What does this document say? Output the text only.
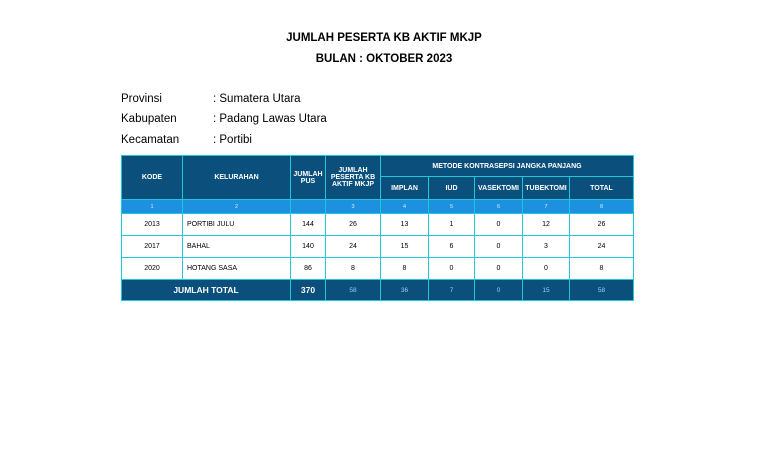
JUMLAH PESERTA KB AKTIF MKJP
BULAN : OKTOBER 2023
Provinsi	: Sumatera Utara
Kabupaten	: Padang Lawas Utara
Kecamatan	: Portibi
KODE	KELURAHAN	JUMLAH PUS	JUMLAH PESERTA KB AKTIF MKJP	METODE KONTRASEPSI JANGKA PANJANG				
				IMPLAN	IUD	VASEKTOMI	TUBEKTOMI	TOTAL
1	2		3	4	5	6	7	8
2013	PORTIBI JULU	144	26	13	1	0	12	26
2017	BAHAL	140	24	15	6	0	3	24
2020	HOTANG SASA	86	8	8	0	0	0	8
JUMLAH TOTAL		370	58	36	7	0	15	58
